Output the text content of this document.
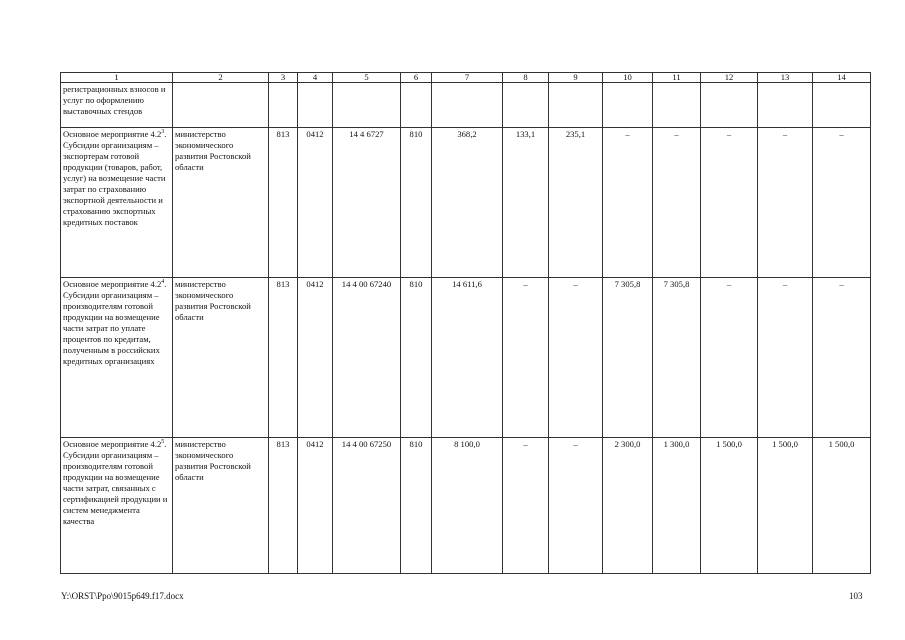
1	2	3	4	5	6	7	8	9	10	11	12	13	14
регистрационных взносов и услуг по оформлению выставочных стендов													
Основное мероприятие $4.2^3$. Субсидии организациям – экспортерам готовой продукции (товаров, работ, услуг) на возмещение части затрат по страхованию экспортной деятельности и страхованию экспортных кредитных поставок	министерство экономического развития Ростовской области	813	0412	14 4 6727	810	368,2	133,1	235,1	–	–	–	–	–
Основное мероприятие $4.2^4$. Субсидии организациям – производителям готовой продукции на возмещение части затрат по уплате процентов по кредитам, полученным в российских кредитных организациях	министерство экономического развития Ростовской области	813	0412	14 4 00 67240	810	14 611,6	–	–	7 305,8	7 305,8	–	–	–
Основное мероприятие $4.2^5$. Субсидии организациям – производителям готовой продукции на возмещение части затрат, связанных с сертификацией продукции и систем менеджмента качества	министерство экономического развития Ростовской области	813	0412	14 4 00 67250	810	8 100,0	–	–	2 300,0	1 300,0	1 500,0	1 500,0	1 500,0
Y:\ORST\Ppo\9015p649.f17.docx	103
